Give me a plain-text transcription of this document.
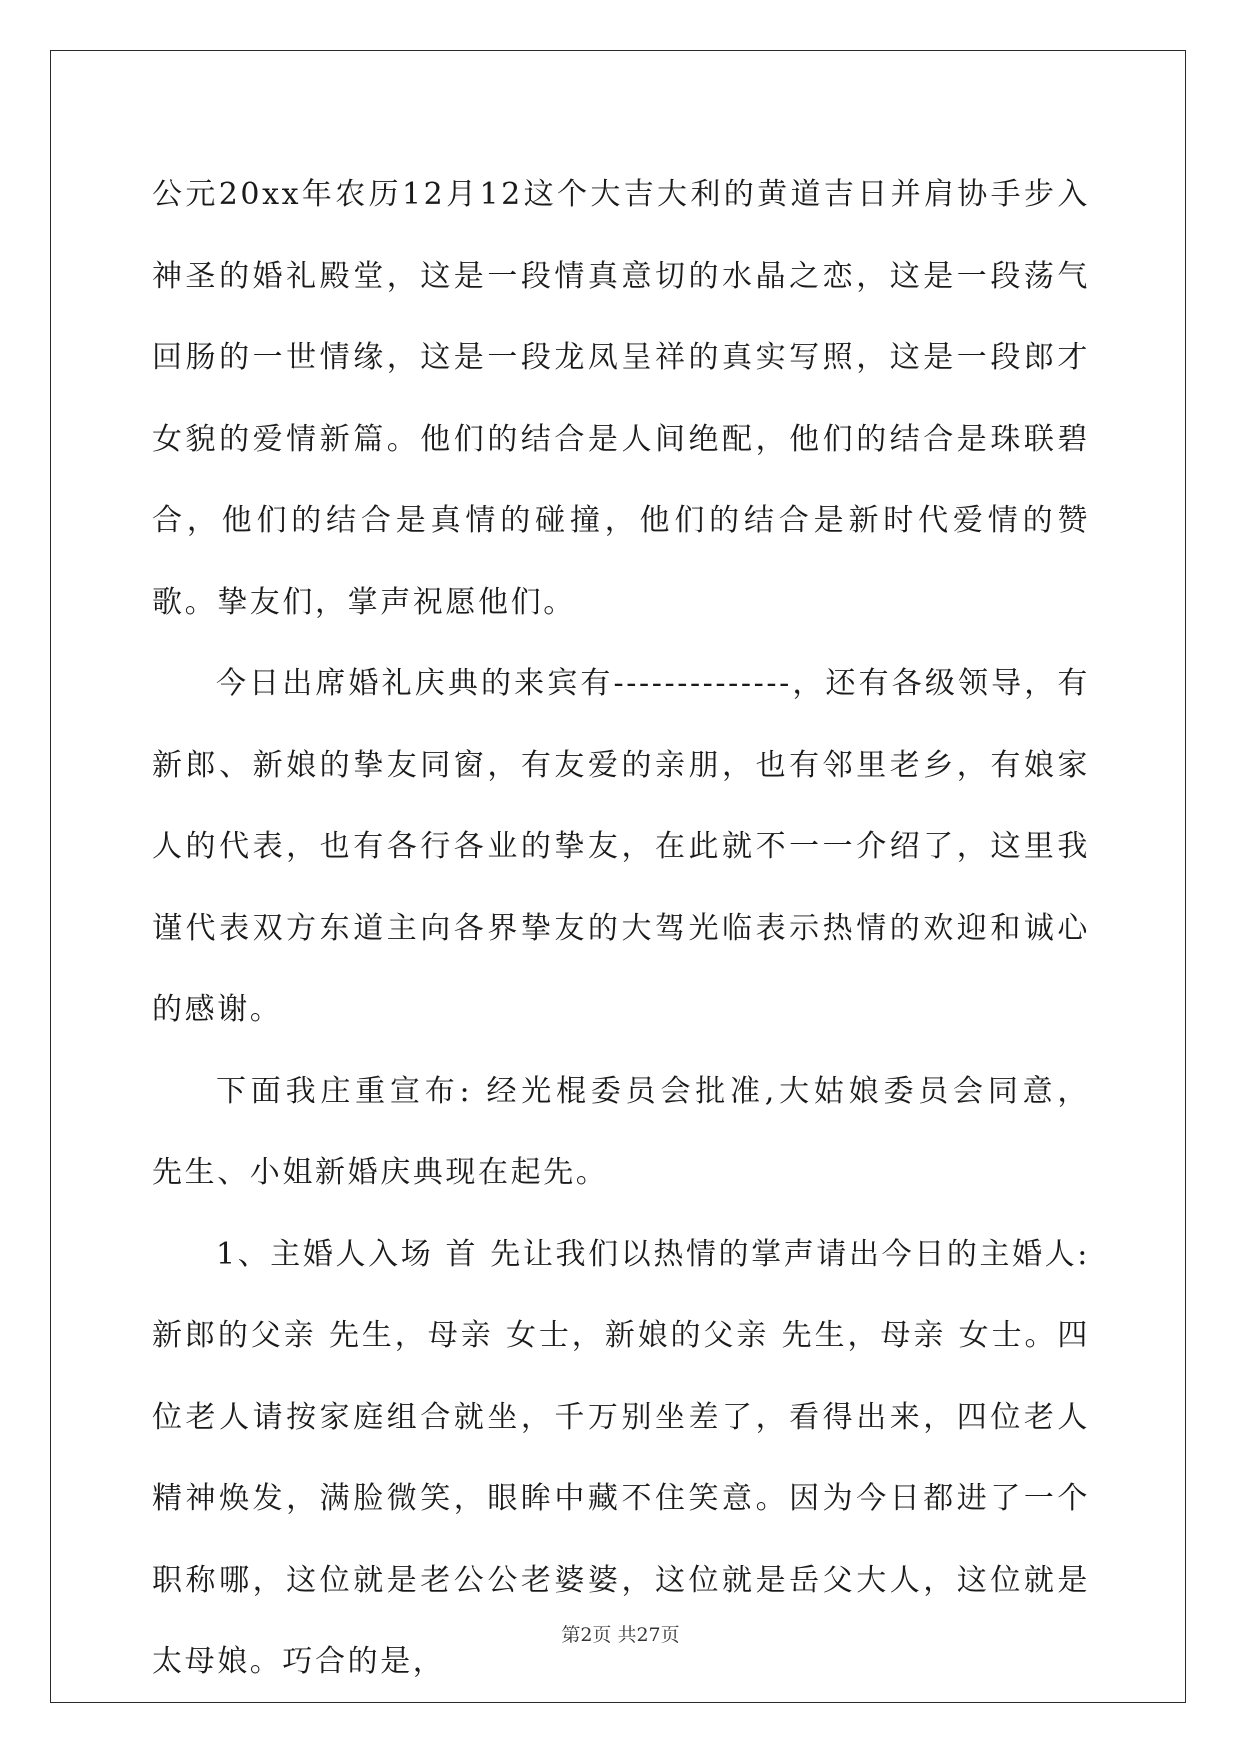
公元20xx年农历12月12这个大吉大利的黄道吉日并肩协手步入神圣的婚礼殿堂，这是一段情真意切的水晶之恋，这是一段荡气回肠的一世情缘，这是一段龙凤呈祥的真实写照，这是一段郎才女貌的爱情新篇。他们的结合是人间绝配，他们的结合是珠联碧合，他们的结合是真情的碰撞，他们的结合是新时代爱情的赞歌。挚友们，掌声祝愿他们。

今日出席婚礼庆典的来宾有--------------，还有各级领导，有新郎、新娘的挚友同窗，有友爱的亲朋，也有邻里老乡，有娘家人的代表，也有各行各业的挚友，在此就不一一介绍了，这里我谨代表双方东道主向各界挚友的大驾光临表示热情的欢迎和诚心的感谢。

下面我庄重宣布: 经光棍委员会批准,大姑娘委员会同意，  先生、小姐新婚庆典现在起先。

1、主婚人入场 首 先让我们以热情的掌声请出今日的主婚人: 新郎的父亲 先生，母亲 女士，新娘的父亲 先生，母亲 女士。四位老人请按家庭组合就坐，千万别坐差了，看得出来，四位老人精神焕发，满脸微笑，眼眸中藏不住笑意。因为今日都进了一个职称哪，这位就是老公公老婆婆，这位就是岳父大人，这位就是太母娘。巧合的是，

第2页 共27页
